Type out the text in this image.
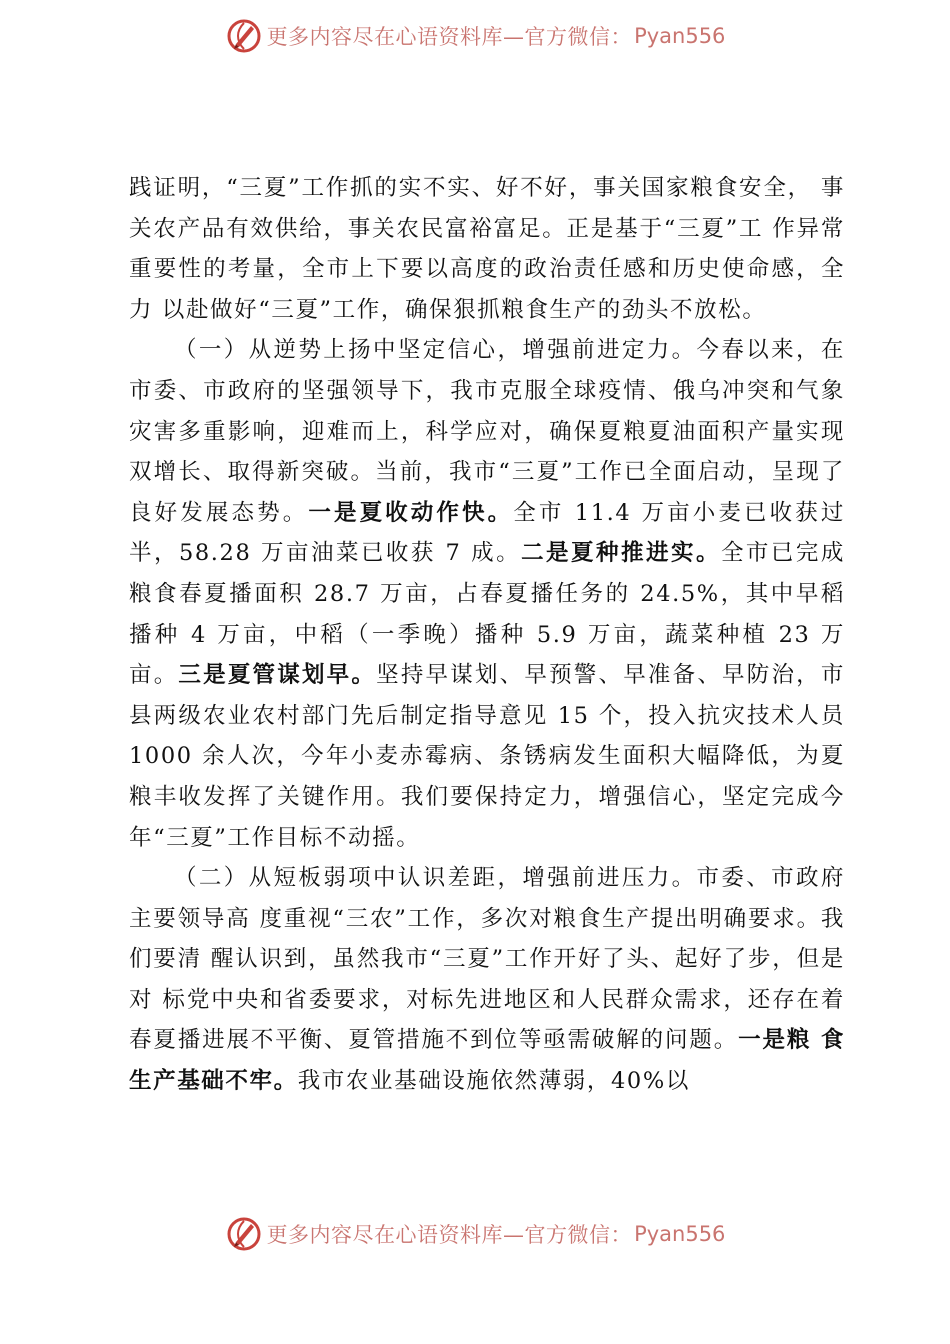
更多内容尽在心语资料库—官方微信： Pyan556

践证明，“三夏”工作抓的实不实、好不好，事关国家粮食安全， 事关农产品有效供给，事关农民富裕富足。正是基于“三夏”工 作异常重要性的考量，全市上下要以高度的政治责任感和历史使命感，全力 以赴做好“三夏”工作，确保狠抓粮食生产的劲头不放松。

（一）从逆势上扬中坚定信心，增强前进定力。今春以来，在市委、市政府的坚强领导下，我市克服全球疫情、俄乌冲突和气象灾害多重影响，迎难而上，科学应对，确保夏粮夏油面积产量实现双增长、取得新突破。当前，我市“三夏”工作已全面启动，呈现了良好发展态势。一是夏收动作快。全市 11.4 万亩小麦已收获过半，58.28 万亩油菜已收获 7 成。二是夏种推进实。全市已完成粮食春夏播面积 28.7 万亩，占春夏播任务的 24.5%，其中早稻播种 4 万亩，中稻（一季晚）播种 5.9 万亩，蔬菜种植 23 万亩。三是夏管谋划早。坚持早谋划、早预警、早准备、早防治，市县两级农业农村部门先后制定指导意见 15 个，投入抗灾技术人员 1000 余人次，今年小麦赤霉病、条锈病发生面积大幅降低，为夏粮丰收发挥了关键作用。我们要保持定力，增强信心，坚定完成今年“三夏”工作目标不动摇。

（二）从短板弱项中认识差距，增强前进压力。市委、市政府主要领导高 度重视“三农”工作，多次对粮食生产提出明确要求。我们要清 醒认识到，虽然我市“三夏”工作开好了头、起好了步，但是对 标党中央和省委要求，对标先进地区和人民群众需求，还存在着春夏播进展不平衡、夏管措施不到位等亟需破解的问题。一是粮 食生产基础不牢。我市农业基础设施依然薄弱，40%以

更多内容尽在心语资料库—官方微信： Pyan556
